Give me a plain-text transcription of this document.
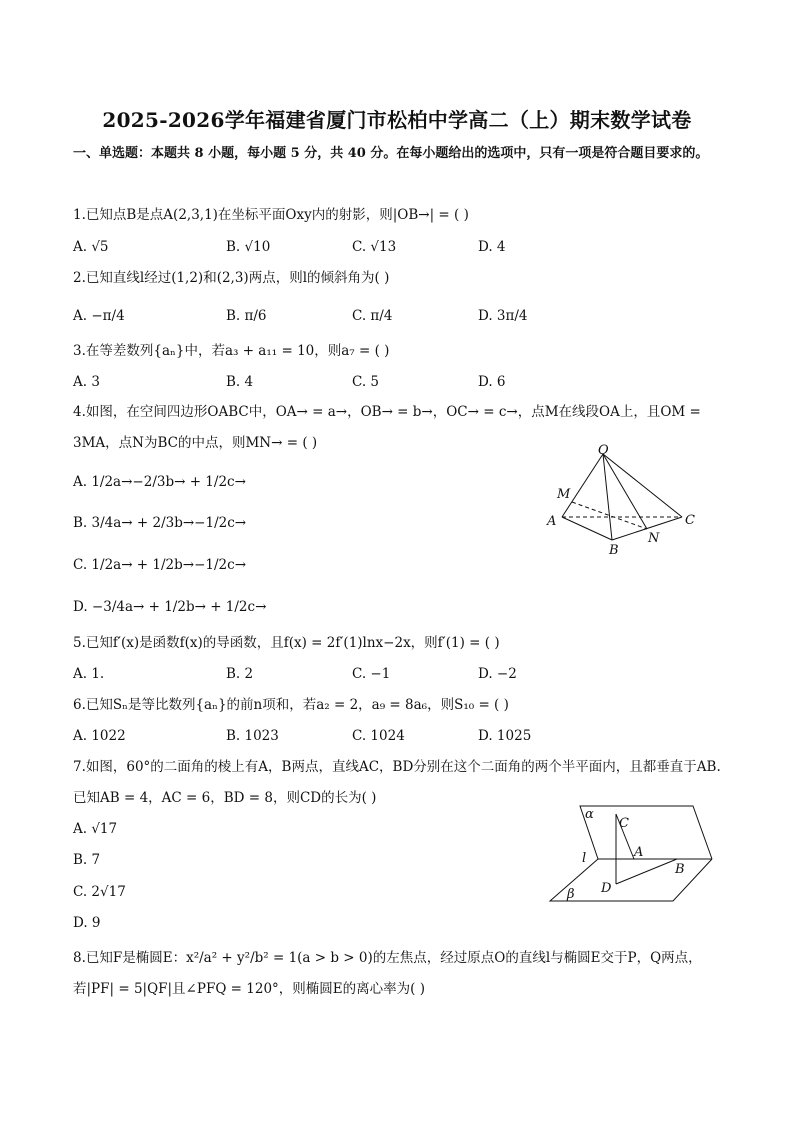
2025-2026学年福建省厦门市松柏中学高二（上）期末数学试卷
一、单选题：本题共 8 小题，每小题 5 分，共 40 分。在每小题给出的选项中，只有一项是符合题目要求的。
1.已知点B是点A(2,3,1)在坐标平面Oxy内的射影，则|OB→| = ( )
A. √5	B. √10	C. √13	D. 4
2.已知直线l经过(1,2)和(2,3)两点，则l的倾斜角为( )
A. −π/4	B. π/6	C. π/4	D. 3π/4
3.在等差数列{aₙ}中，若a₃ + a₁₁ = 10，则a₇ = ( )
A. 3	B. 4	C. 5	D. 6
4.如图，在空间四边形OABC中，OA→ = a→，OB→ = b→，OC→ = c→，点M在线段OA上，且OM = 3MA，点N为BC的中点，则MN→ = ( )
A. 1/2a→−2/3b→ + 1/2c→
B. 3/4a→ + 2/3b→−1/2c→
C. 1/2a→ + 1/2b→−1/2c→
D. −3/4a→ + 1/2b→ + 1/2c→
O
M
A
B
N
C
5.已知f′(x)是函数f(x)的导函数，且f(x) = 2f′(1)lnx−2x，则f′(1) = ( )
A. 1.	B. 2	C. −1	D. −2
6.已知Sₙ是等比数列{aₙ}的前n项和，若a₂ = 2，a₉ = 8a₆，则S₁₀ = ( )
A. 1022	B. 1023	C. 1024	D. 1025
7.如图，60°的二面角的棱上有A，B两点，直线AC，BD分别在这个二面角的两个半平面内，且都垂直于AB.已知AB = 4，AC = 6，BD = 8，则CD的长为( )
A. √17
B. 7
C. 2√17
D. 9
α
C
A
l
B
D
β
8.已知F是椭圆E：x²/a² + y²/b² = 1(a > b > 0)的左焦点，经过原点O的直线l与椭圆E交于P，Q两点，若|PF| = 5|QF|且∠PFQ = 120°，则椭圆E的离心率为( )
